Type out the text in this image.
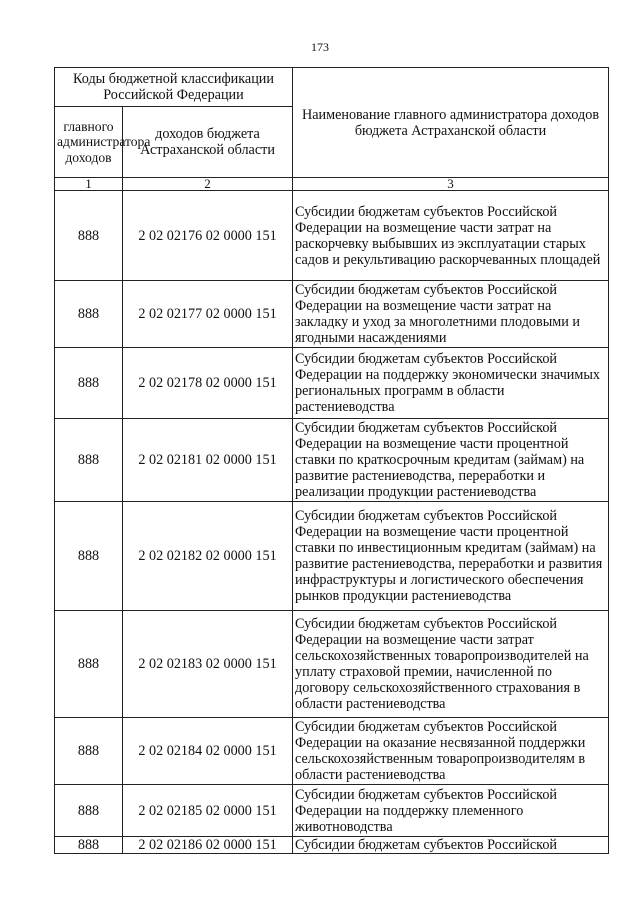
173
Коды бюджетной классификации Российской Федерации		Наименование главного администратора доходов бюджета Астраханской области
главного администратора доходов	доходов бюджета Астраханской области	
1	2	3
888	2 02 02176 02 0000 151	Субсидии бюджетам субъектов Российской Федерации на возмещение части затрат на раскорчевку выбывших из эксплуатации старых садов и рекультивацию раскорчеванных площадей
888	2 02 02177 02 0000 151	Субсидии бюджетам субъектов Российской Федерации на возмещение части затрат на закладку и уход за многолетними плодовыми и ягодными насаждениями
888	2 02 02178 02 0000 151	Субсидии бюджетам субъектов Российской Федерации на поддержку экономически значимых региональных программ в области растениеводства
888	2 02 02181 02 0000 151	Субсидии бюджетам субъектов Российской Федерации на возмещение части процентной ставки по краткосрочным кредитам (займам) на развитие растениеводства, переработки и реализации продукции растениеводства
888	2 02 02182 02 0000 151	Субсидии бюджетам субъектов Российской Федерации на возмещение части процентной ставки по инвестиционным кредитам (займам) на развитие растениеводства, переработки и развития инфраструктуры и логистического обеспечения рынков продукции растениеводства
888	2 02 02183 02 0000 151	Субсидии бюджетам субъектов Российской Федерации на возмещение части затрат сельскохозяйственных товаропроизводителей на уплату страховой премии, начисленной по договору сельскохозяйственного страхования в области растениеводства
888	2 02 02184 02 0000 151	Субсидии бюджетам субъектов Российской Федерации на оказание несвязанной поддержки сельскохозяйственным товаропроизводителям в области растениеводства
888	2 02 02185 02 0000 151	Субсидии бюджетам субъектов Российской Федерации на поддержку племенного животноводства
888	2 02 02186 02 0000 151	Субсидии бюджетам субъектов Российской
